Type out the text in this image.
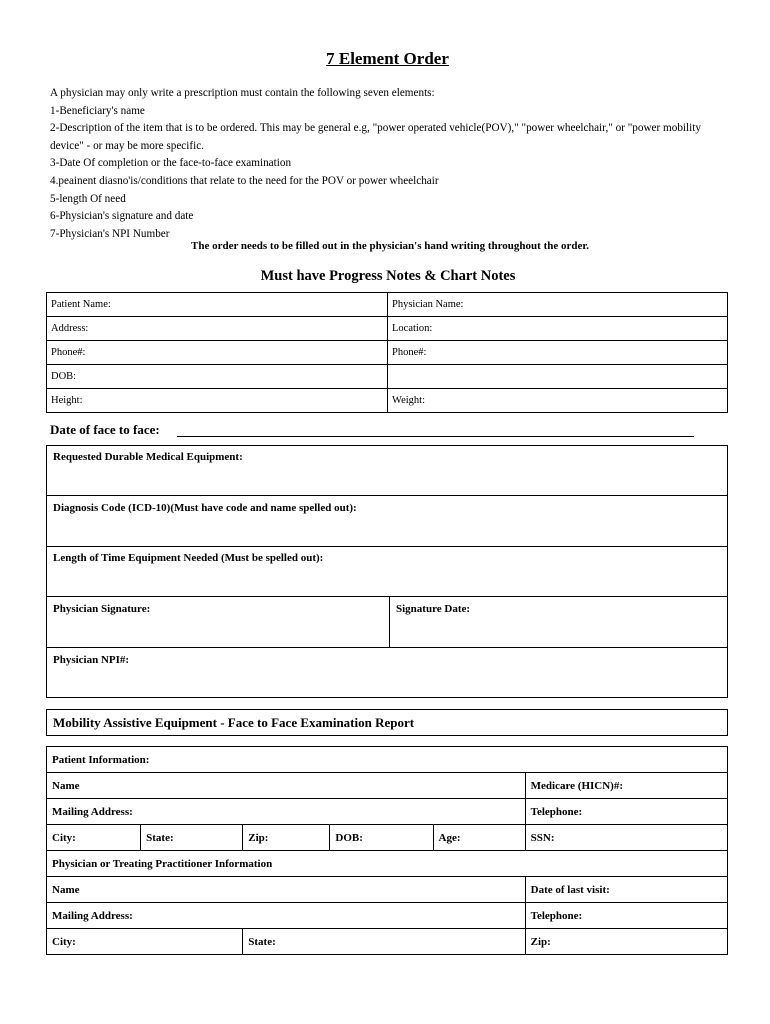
7 Element Order

A physician may only write a prescription must contain the following seven elements:

1-Beneficiary's name

2-Description of the item that is to be ordered. This may be general e.g, "power operated vehicle(POV)," "power wheelchair," or "power mobility device" - or may be more specific.

3-Date Of completion or the face-to-face examination

4.peainent diasno'is/conditions that relate to the need for the POV or power wheelchair

5-length Of need

6-Physician's signature and date

7-Physician's NPI Number

The order needs to be filled out in the physician's hand writing throughout the order.
Must have Progress Notes & Chart Notes
Patient Name:	Physician Name:
Address:	Location:
Phone#:	Phone#:
DOB:	
Height:	Weight:
Date of face to face:
Requested Durable Medical Equipment:
Diagnosis Code (ICD-10)(Must have code and name spelled out):
Length of Time Equipment Needed (Must be spelled out):
Physician Signature:	Signature Date:
Physician NPI#:
Mobility Assistive Equipment - Face to Face Examination Report
Patient Information:					
Name					Medicare (HICN)#:
Mailing Address:					Telephone:
City:	State:	Zip:	DOB:	Age:	SSN:
Physician or Treating Practitioner Information					
Name					Date of last visit:
Mailing Address:					Telephone:
City:		State:			Zip:
